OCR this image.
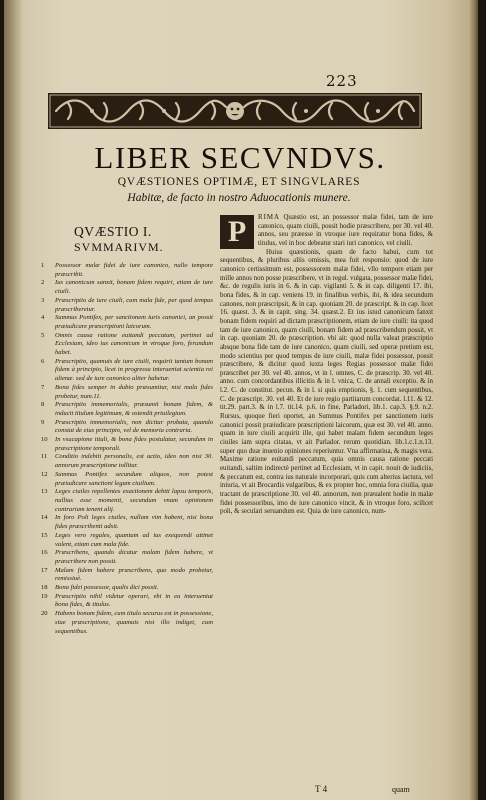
223
LIBER SECVNDVS.
QVÆSTIONES OPTIMÆ, ET SINGVLARES
Habitæ, de facto in nostro Aduocationis munere.
QVÆSTIO I.
SVMMARIVM.
1	Possessor malæ fidei de iure canonico, nullo tempore præscribit.
2	Ius canonicum sanxit, bonam fidem requiri, etiam de iure ciuili.
3	Præscriptio de iure ciuili, cum mala fide, per quod tempus præscriberetur.
4	Summus Pontifex, per sanctionem iuris canonici, an possit præiudicare præscriptioni laicorum.
5	Omnis causa ratione euitandi peccatum, pertinet ad Ecclesiam, ideo ius canonicum in vtroque foro, ferundum habet.
6	Præscriptio, quamuis de iure ciuili, requirit tantum bonam fidem à principio, licet in progressu interueniat scientia rei alienæ. sed de iure canonico aliter habetur.
7	Bona fides semper in dubio præsumitur, nisi mala fides probetur, num.11.
8	Præscriptio immemorialis, præsumit bonam fidem, & inducit titulum legitimum, & ostendit priuilegium.
9	Præscriptio immemorialis, non dicitur probata, quando constat de eius principio, vel de memoria contraria.
10	In vsucapione tituli, & bona fides postulatur, secundum in præscriptione temporali.
11	Conditio indebiti personalis, est actio, ideo non nisi 30. annorum præscriptione tollitur.
12	Summus Pontifex secundum aliquos, non potest præiudicare sanctioni legum ciuilium.
13	Leges ciuiles repellentes exactionem debiti lapsu temporis, nullius esse momenti, secundum vnam opinionem contrariam tenent alij.
14	In foro Poli leges ciuiles, nullam vim habent, nisi bona fides præscribenti adsit.
15	Leges vero regales, quantum ad ius exequendi attinet valent, etiam cum mala fide.
16	Præscribens, quando dicatur malam fidem habere, vt præscribere non possit.
17	Malam fidem habere præscribens, quo modo probetur, remissiuè.
18	Bona fidei possessor, qualis dici possit.
19	Præscriptio nihil videtur operari, vbi in ea interueniat bona fides, & titulus.
20	Habens bonam fidem, cum titulo securus est in possessione, siue præscriptione, quamuis nisi illo indiget, cum sequentibus.
P	RIMA Quæstio est, an possessor malæ fidei, tam de iure canonico, quam ciuili, possit hodie præscribere, per 30. vel 40. annos, seu præesse in vtroque iure requiratur bona fides, & titulus, vel in hoc debeatur stari iuri canonico, vel ciuili.

Huius quæstionis, quam de facto habui, cum tot sequentibus, & pluribus aliis omissis, mea fuit responsio: quod de iure canonico certissimum est, possessorem malæ fidei, vllo tempore etiam per mille annos non posse præscribere, vt in regul. vulgata, possessor malæ fidei, &c. de regulis iuris in 6. & in cap. vigilanti 5. & in cap. diligenti 17. ibi, bona fides, & in cap. veniens 19. in finalibus verbis, ibi, & idea secundum canones, non præscripsit, & in cap. quoniam 20. de præscript. & in cap. licet 16. quæst. 3. & in capit. sing. 34. quæst.2. Et ius istud canonicum fanxit bonam fidem requiri ad dictam præscriptionem, etiam de iure ciuili: ita quod tam de iure canonico, quam ciuili, bonam fidem ad præscribendum possit, vt in cap. quoniam 20. de præscription. vbi ait: quod nulla valeat præscriptio absque bona fide tam de iure canonico, quam ciuili, sed operæ pretium est, modo scientius per quod tempus de iure ciuili, malæ fidei possessor, possit præscribere, & dicitur quod iuxta leges Regias possessor malæ fidei præscribet per 30. vel 40. annos, vt in l. omnes, C. de præscrip. 30. vel 40. anno. cum concordantibus illicitis & in l. vnica, C. de annali exceptio. & in l.2. C. de constitut. pecun. & in l. si quis emptionis, §. 1. cum sequentibus, C. de præscript. 30. vel 40. Et de iure regio partitarum concordat. l.11. & 12. tit.29. part.3. & in l.7. tit.14. p.6. in fine, Parladori, lib.1. cap.3. §.9. n.2. Rursus, quoque fieri oportet, an Summus Pontifex per sanctionem iuris canonici possit præiudicare præscriptioni laicorum, quæ est 30. vel 40. anno. quam in iure ciuili acquirit ille, qui habet malam fidem secundum leges ciuiles iam supra citatas, vt ait Parlador. rerum quotidian. lib.1.c.1.n.13. super quo duæ inuenio opiniones reperiuntur. Vna affirmatiua, & magis vera. Maxime ratione euitandi peccatum, quia omnis causa ratione peccati euitandi, saltim indirectè pertinet ad Ecclesiam, vt in capit. nouit de iudiciis, & peccatum est, contra ius naturale incorporari, quis cum alterius iactura, vel iniuria, vt ait Brocardis vulgaribus, & ex propter hoc, omnia fora ciuilia, quæ tractant de præscriptione 30. vel 40. annorum, non præualent hodie in malæ fidei possessoribus, imo de iure canonico vincit, & in vtroque foro, scilicet poli, & seculari seruandum est. Quia de iure canonico, num-

T 4	quam
